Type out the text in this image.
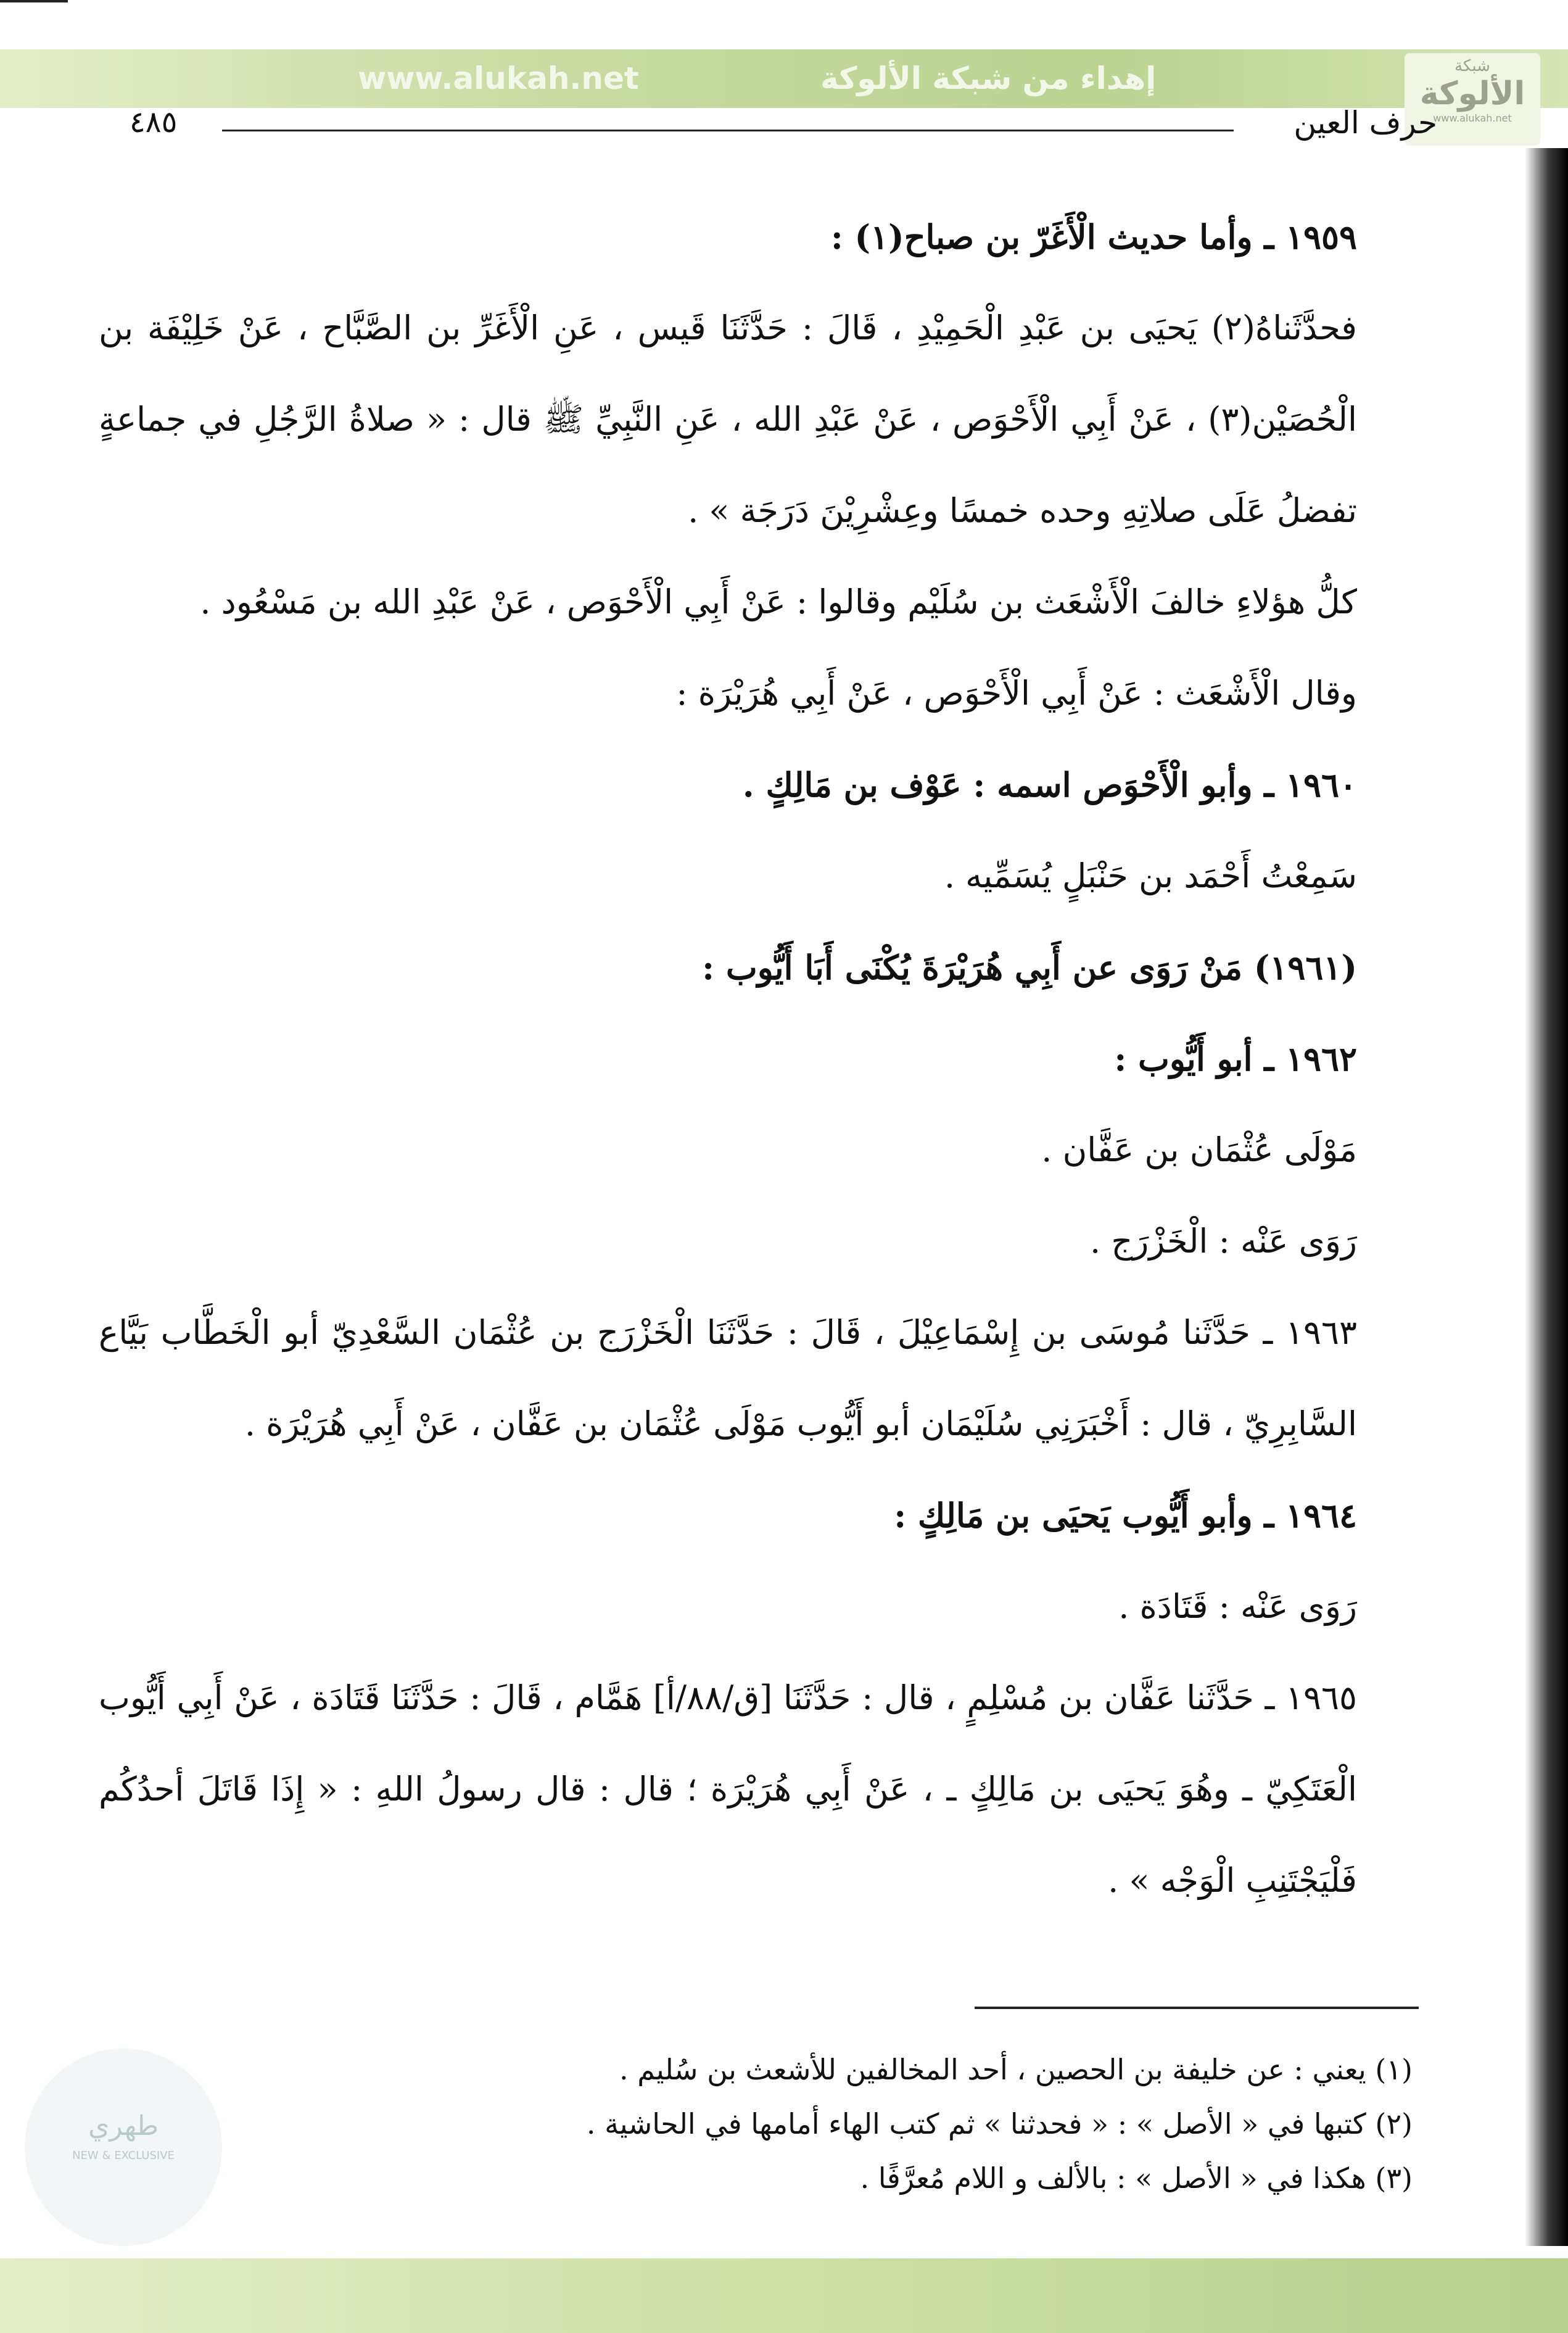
www.alukah.net	إهداء من شبكة الألوكة	شبكة
الألوكة
www.alukah.net
٤٨٥	حرف العين

١٩٥٩ ـ وأما حديث الْأَغَرّ بن صباح(١) :

فحدَّثَناهُ(٢) يَحيَى بن عَبْدِ الْحَمِيْدِ ، قَالَ : حَدَّثَنَا قَيس ، عَنِ الْأَغَرِّ بن الصَّبَّاح ، عَنْ خَلِيْفَة بن الْحُصَيْن(٣) ، عَنْ أَبِي الْأَحْوَص ، عَنْ عَبْدِ الله ، عَنِ النَّبِيِّ ﷺ قال : « صلاةُ الرَّجُلِ في جماعةٍ تفضلُ عَلَى صلاتِهِ وحده خمسًا وعِشْرِيْنَ دَرَجَة » .

كلُّ هؤلاءِ خالفَ الْأَشْعَث بن سُلَيْم وقالوا : عَنْ أَبِي الْأَحْوَص ، عَنْ عَبْدِ الله بن مَسْعُود .

وقال الْأَشْعَث : عَنْ أَبِي الْأَحْوَص ، عَنْ أَبِي هُرَيْرَة :

١٩٦٠ ـ وأبو الْأَحْوَص اسمه : عَوْف بن مَالِكٍ .

سَمِعْتُ أَحْمَد بن حَنْبَلٍ يُسَمِّيه .

(١٩٦١) مَنْ رَوَى عن أَبِي هُرَيْرَةَ يُكْنَى أَبَا أَيُّوب :

١٩٦٢ ـ أبو أَيُّوب :

مَوْلَى عُثْمَان بن عَفَّان .

رَوَى عَنْه : الْخَزْرَج .

١٩٦٣ ـ حَدَّثَنا مُوسَى بن إِسْمَاعِيْلَ ، قَالَ : حَدَّثَنَا الْخَزْرَج بن عُثْمَان السَّعْدِيّ أبو الْخَطَّاب بَيَّاع السَّابِرِيّ ، قال : أَخْبَرَنِي سُلَيْمَان أبو أَيُّوب مَوْلَى عُثْمَان بن عَفَّان ، عَنْ أَبِي هُرَيْرَة .

١٩٦٤ ـ وأبو أَيُّوب يَحيَى بن مَالِكٍ :

رَوَى عَنْه : قَتَادَة .

١٩٦٥ ـ حَدَّثَنا عَفَّان بن مُسْلِمٍ ، قال : حَدَّثَنَا [ق/٨٨/أ] هَمَّام ، قَالَ : حَدَّثَنَا قَتَادَة ، عَنْ أَبِي أَيُّوب الْعَتَكِيّ ـ وهُوَ يَحيَى بن مَالِكٍ ـ ، عَنْ أَبِي هُرَيْرَة ؛ قال : قال رسولُ اللهِ : « إِذَا قَاتَلَ أحدُكُم فَلْيَجْتَنِبِ الْوَجْه » .

(١) يعني : عن خليفة بن الحصين ، أحد المخالفين للأشعث بن سُليم .
(٢) كتبها في « الأصل » : « فحدثنا » ثم كتب الهاء أمامها في الحاشية .
(٣) هكذا في « الأصل » : بالألف و اللام مُعرَّفًا .
طهري
NEW & EXCLUSIVE
